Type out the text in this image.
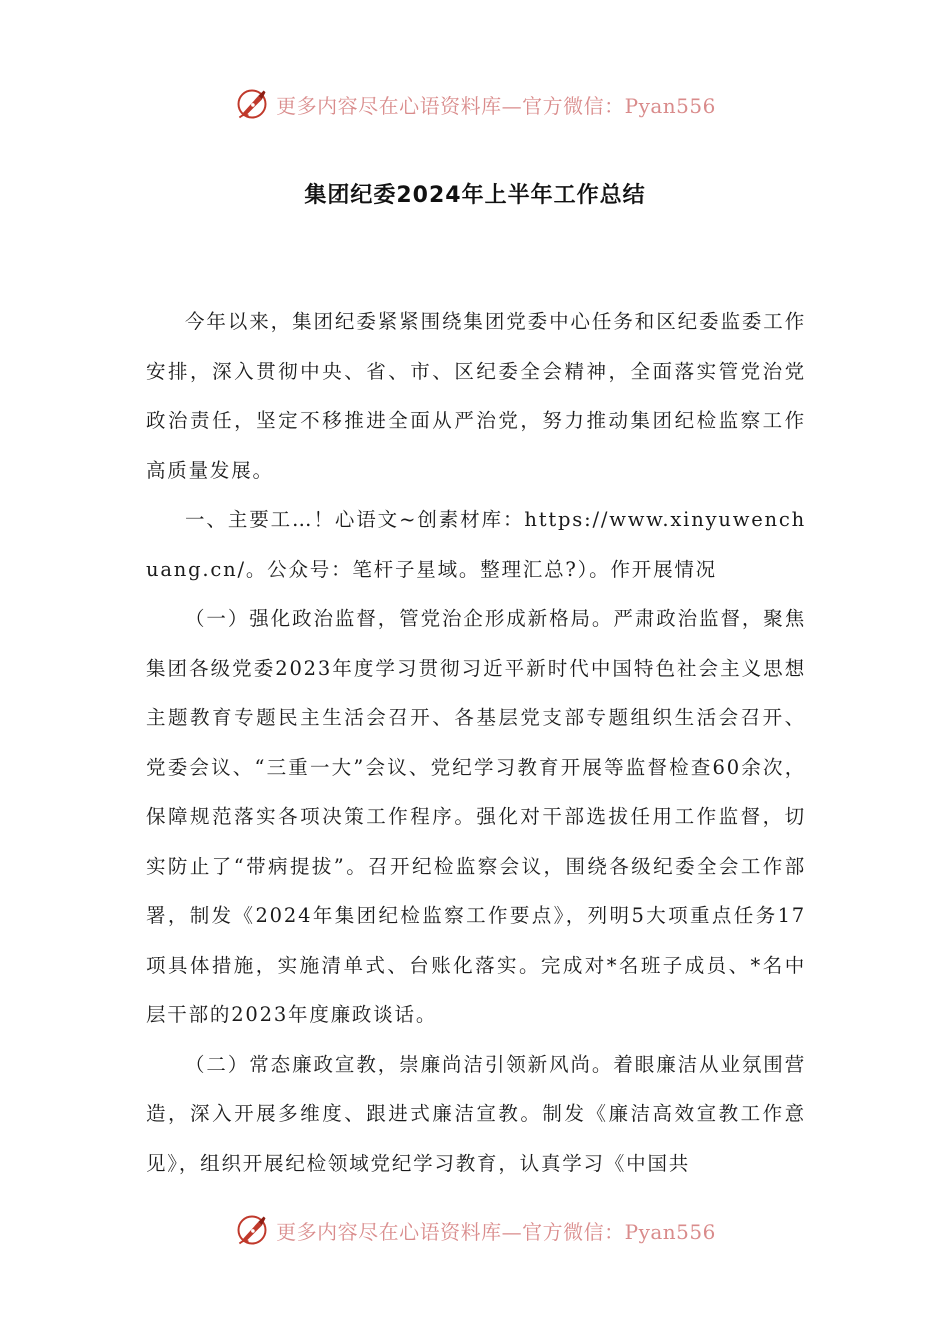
更多内容尽在心语资料库—官方微信：Pyan556
集团纪委2024年上半年工作总结

今年以来，集团纪委紧紧围绕集团党委中心任务和区纪委监委工作安排，深入贯彻中央、省、市、区纪委全会精神，全面落实管党治党政治责任，坚定不移推进全面从严治党，努力推动集团纪检监察工作高质量发展。

一、主要工…！心语文~创素材库：https://www.xinyuwenchuang.cn/。公众号：笔杆子星域。整理汇总?）。作开展情况

（一）强化政治监督，管党治企形成新格局。严肃政治监督，聚焦集团各级党委2023年度学习贯彻习近平新时代中国特色社会主义思想主题教育专题民主生活会召开、各基层党支部专题组织生活会召开、党委会议、“三重一大”会议、党纪学习教育开展等监督检查60余次，保障规范落实各项决策工作程序。强化对干部选拔任用工作监督，切实防止了“带病提拔”。召开纪检监察会议，围绕各级纪委全会工作部署，制发《2024年集团纪检监察工作要点》，列明5大项重点任务17项具体措施，实施清单式、台账化落实。完成对*名班子成员、*名中层干部的2023年度廉政谈话。

（二）常态廉政宣教，崇廉尚洁引领新风尚。着眼廉洁从业氛围营造，深入开展多维度、跟进式廉洁宣教。制发《廉洁高效宣教工作意见》，组织开展纪检领域党纪学习教育，认真学习《中国共

更多内容尽在心语资料库—官方微信：Pyan556
